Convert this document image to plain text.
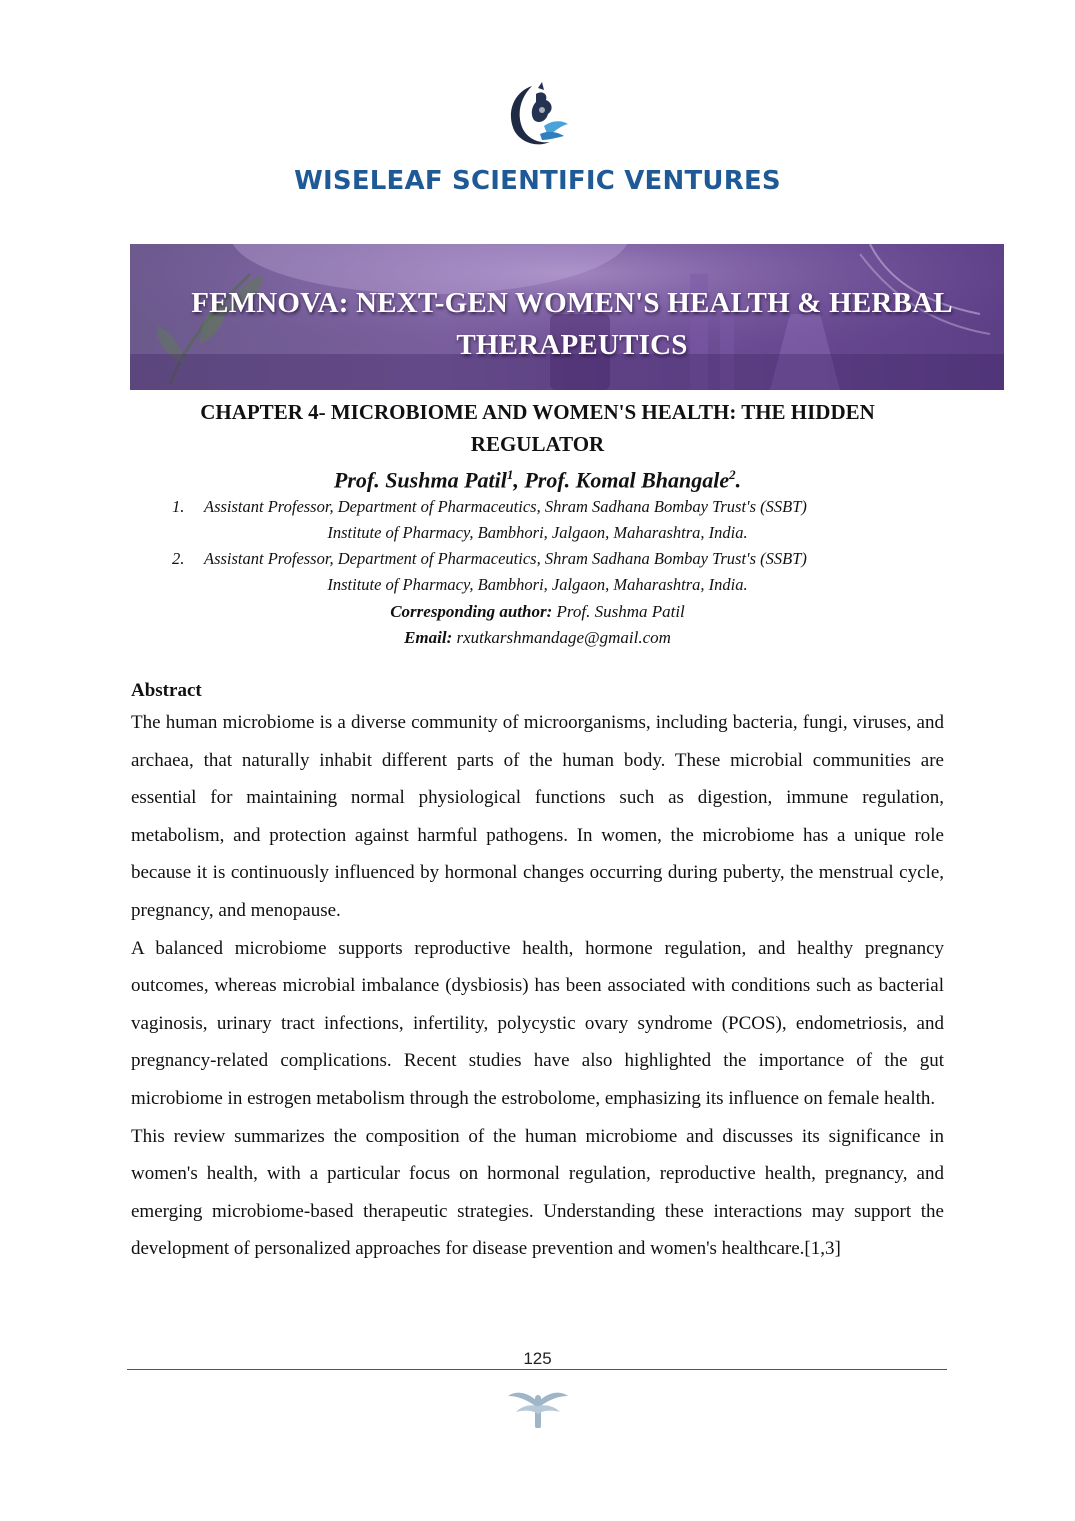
WISELEAF SCIENTIFIC VENTURES
FEMNOVA: NEXT-GEN WOMEN'S HEALTH & HERBAL
THERAPEUTICS
CHAPTER 4- MICROBIOME AND WOMEN'S HEALTH: THE HIDDEN
REGULATOR
Prof. Sushma Patil$^1$, Prof. Komal Bhangale$^2$.
1. Assistant Professor, Department of Pharmaceutics, Shram Sadhana Bombay Trust's (SSBT)
Institute of Pharmacy, Bambhori, Jalgaon, Maharashtra, India.
2. Assistant Professor, Department of Pharmaceutics, Shram Sadhana Bombay Trust's (SSBT)
Institute of Pharmacy, Bambhori, Jalgaon, Maharashtra, India.
Corresponding author: Prof. Sushma Patil
Email: rxutkarshmandage@gmail.com
Abstract

The human microbiome is a diverse community of microorganisms, including bacteria, fungi, viruses, and archaea, that naturally inhabit different parts of the human body. These microbial communities are essential for maintaining normal physiological functions such as digestion, immune regulation, metabolism, and protection against harmful pathogens. In women, the microbiome has a unique role because it is continuously influenced by hormonal changes occurring during puberty, the menstrual cycle, pregnancy, and menopause.

A balanced microbiome supports reproductive health, hormone regulation, and healthy pregnancy outcomes, whereas microbial imbalance (dysbiosis) has been associated with conditions such as bacterial vaginosis, urinary tract infections, infertility, polycystic ovary syndrome (PCOS), endometriosis, and pregnancy-related complications. Recent studies have also highlighted the importance of the gut microbiome in estrogen metabolism through the estrobolome, emphasizing its influence on female health.

This review summarizes the composition of the human microbiome and discusses its significance in women's health, with a particular focus on hormonal regulation, reproductive health, pregnancy, and emerging microbiome-based therapeutic strategies. Understanding these interactions may support the development of personalized approaches for disease prevention and women's healthcare.[1,3]

125
